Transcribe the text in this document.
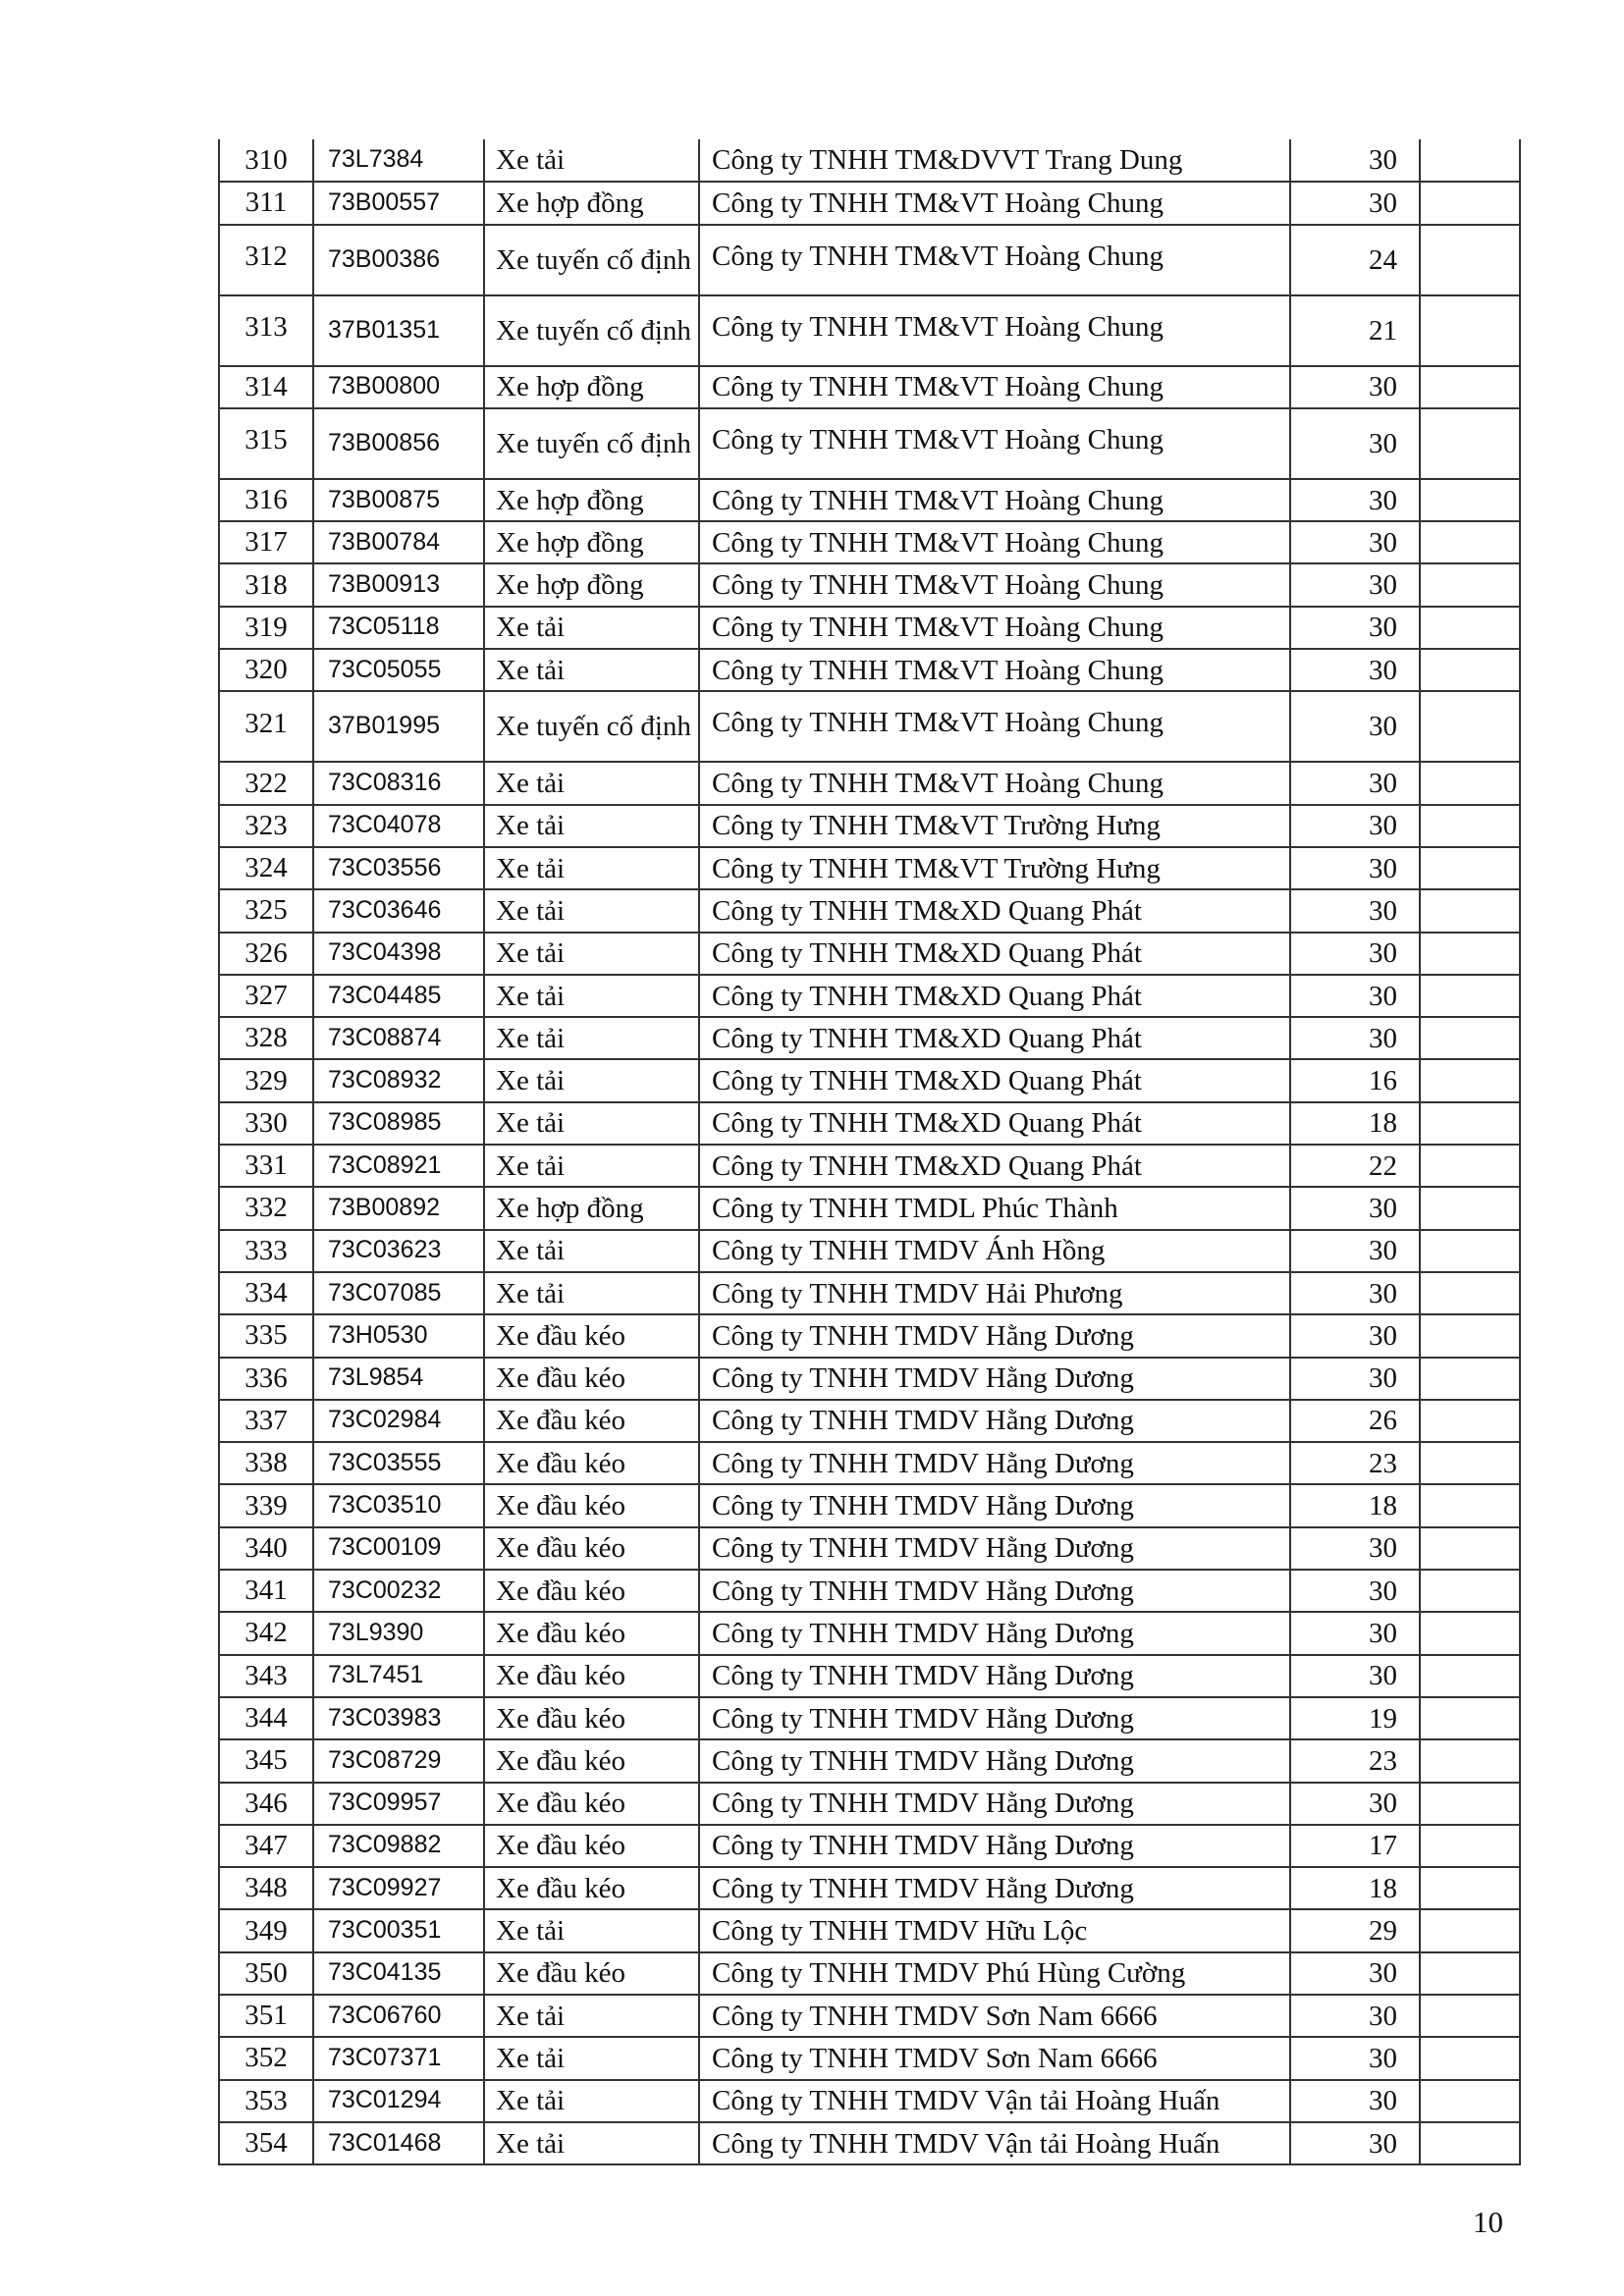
310	73L7384	Xe tải	Công ty TNHH TM&DVVT Trang Dung	30	
311	73B00557	Xe hợp đồng	Công ty TNHH TM&VT Hoàng Chung	30	
312	73B00386	Xe tuyến cố định	Công ty TNHH TM&VT Hoàng Chung	24	
313	37B01351	Xe tuyến cố định	Công ty TNHH TM&VT Hoàng Chung	21	
314	73B00800	Xe hợp đồng	Công ty TNHH TM&VT Hoàng Chung	30	
315	73B00856	Xe tuyến cố định	Công ty TNHH TM&VT Hoàng Chung	30	
316	73B00875	Xe hợp đồng	Công ty TNHH TM&VT Hoàng Chung	30	
317	73B00784	Xe hợp đồng	Công ty TNHH TM&VT Hoàng Chung	30	
318	73B00913	Xe hợp đồng	Công ty TNHH TM&VT Hoàng Chung	30	
319	73C05118	Xe tải	Công ty TNHH TM&VT Hoàng Chung	30	
320	73C05055	Xe tải	Công ty TNHH TM&VT Hoàng Chung	30	
321	37B01995	Xe tuyến cố định	Công ty TNHH TM&VT Hoàng Chung	30	
322	73C08316	Xe tải	Công ty TNHH TM&VT Hoàng Chung	30	
323	73C04078	Xe tải	Công ty TNHH TM&VT Trường Hưng	30	
324	73C03556	Xe tải	Công ty TNHH TM&VT Trường Hưng	30	
325	73C03646	Xe tải	Công ty TNHH TM&XD Quang Phát	30	
326	73C04398	Xe tải	Công ty TNHH TM&XD Quang Phát	30	
327	73C04485	Xe tải	Công ty TNHH TM&XD Quang Phát	30	
328	73C08874	Xe tải	Công ty TNHH TM&XD Quang Phát	30	
329	73C08932	Xe tải	Công ty TNHH TM&XD Quang Phát	16	
330	73C08985	Xe tải	Công ty TNHH TM&XD Quang Phát	18	
331	73C08921	Xe tải	Công ty TNHH TM&XD Quang Phát	22	
332	73B00892	Xe hợp đồng	Công ty TNHH TMDL Phúc Thành	30	
333	73C03623	Xe tải	Công ty TNHH TMDV Ánh Hồng	30	
334	73C07085	Xe tải	Công ty TNHH TMDV Hải Phương	30	
335	73H0530	Xe đầu kéo	Công ty TNHH TMDV Hằng Dương	30	
336	73L9854	Xe đầu kéo	Công ty TNHH TMDV Hằng Dương	30	
337	73C02984	Xe đầu kéo	Công ty TNHH TMDV Hằng Dương	26	
338	73C03555	Xe đầu kéo	Công ty TNHH TMDV Hằng Dương	23	
339	73C03510	Xe đầu kéo	Công ty TNHH TMDV Hằng Dương	18	
340	73C00109	Xe đầu kéo	Công ty TNHH TMDV Hằng Dương	30	
341	73C00232	Xe đầu kéo	Công ty TNHH TMDV Hằng Dương	30	
342	73L9390	Xe đầu kéo	Công ty TNHH TMDV Hằng Dương	30	
343	73L7451	Xe đầu kéo	Công ty TNHH TMDV Hằng Dương	30	
344	73C03983	Xe đầu kéo	Công ty TNHH TMDV Hằng Dương	19	
345	73C08729	Xe đầu kéo	Công ty TNHH TMDV Hằng Dương	23	
346	73C09957	Xe đầu kéo	Công ty TNHH TMDV Hằng Dương	30	
347	73C09882	Xe đầu kéo	Công ty TNHH TMDV Hằng Dương	17	
348	73C09927	Xe đầu kéo	Công ty TNHH TMDV Hằng Dương	18	
349	73C00351	Xe tải	Công ty TNHH TMDV Hữu Lộc	29	
350	73C04135	Xe đầu kéo	Công ty TNHH TMDV Phú Hùng Cường	30	
351	73C06760	Xe tải	Công ty TNHH TMDV Sơn Nam 6666	30	
352	73C07371	Xe tải	Công ty TNHH TMDV Sơn Nam 6666	30	
353	73C01294	Xe tải	Công ty TNHH TMDV Vận tải Hoàng Huấn	30	
354	73C01468	Xe tải	Công ty TNHH TMDV Vận tải Hoàng Huấn	30	
10
